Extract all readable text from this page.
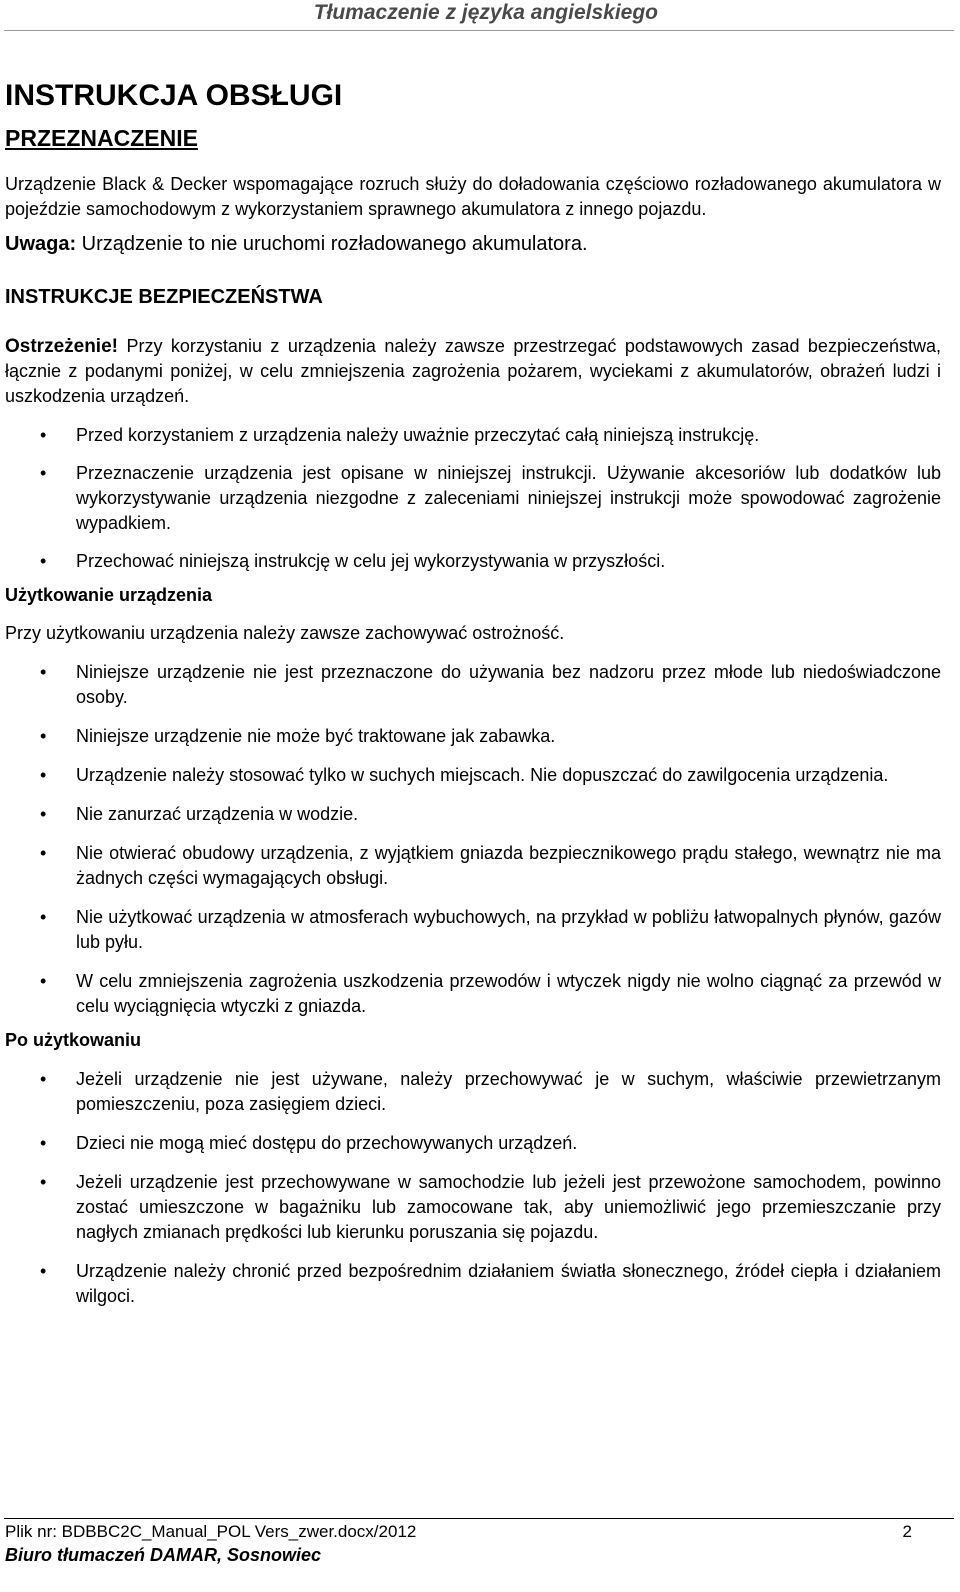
Tłumaczenie z języka angielskiego
INSTRUKCJA OBSŁUGI
PRZEZNACZENIE

Urządzenie Black & Decker wspomagające rozruch służy do doładowania częściowo rozładowanego akumulatora w pojeździe samochodowym z wykorzystaniem sprawnego akumulatora z innego pojazdu.

Uwaga: Urządzenie to nie uruchomi rozładowanego akumulatora.

INSTRUKCJE BEZPIECZEŃSTWA

Ostrzeżenie! Przy korzystaniu z urządzenia należy zawsze przestrzegać podstawowych zasad bezpieczeństwa, łącznie z podanymi poniżej, w celu zmniejszenia zagrożenia pożarem, wyciekami z akumulatorów, obrażeń ludzi i uszkodzenia urządzeń.

• Przed korzystaniem z urządzenia należy uważnie przeczytać całą niniejszą instrukcję.
• Przeznaczenie urządzenia jest opisane w niniejszej instrukcji. Używanie akcesoriów lub dodatków lub wykorzystywanie urządzenia niezgodne z zaleceniami niniejszej instrukcji może spowodować zagrożenie wypadkiem.
• Przechować niniejszą instrukcję w celu jej wykorzystywania w przyszłości.
Użytkowanie urządzenia

Przy użytkowaniu urządzenia należy zawsze zachowywać ostrożność.

• Niniejsze urządzenie nie jest przeznaczone do używania bez nadzoru przez młode lub niedoświadczone osoby.
• Niniejsze urządzenie nie może być traktowane jak zabawka.
• Urządzenie należy stosować tylko w suchych miejscach. Nie dopuszczać do zawilgocenia urządzenia.
• Nie zanurzać urządzenia w wodzie.
• Nie otwierać obudowy urządzenia, z wyjątkiem gniazda bezpiecznikowego prądu stałego, wewnątrz nie ma żadnych części wymagających obsługi.
• Nie użytkować urządzenia w atmosferach wybuchowych, na przykład w pobliżu łatwopalnych płynów, gazów lub pyłu.
• W celu zmniejszenia zagrożenia uszkodzenia przewodów i wtyczek nigdy nie wolno ciągnąć za przewód w celu wyciągnięcia wtyczki z gniazda.
Po użytkowaniu
• Jeżeli urządzenie nie jest używane, należy przechowywać je w suchym, właściwie przewietrzanym pomieszczeniu, poza zasięgiem dzieci.
• Dzieci nie mogą mieć dostępu do przechowywanych urządzeń.
• Jeżeli urządzenie jest przechowywane w samochodzie lub jeżeli jest przewożone samochodem, powinno zostać umieszczone w bagażniku lub zamocowane tak, aby uniemożliwić jego przemieszczanie przy nagłych zmianach prędkości lub kierunku poruszania się pojazdu.
• Urządzenie należy chronić przed bezpośrednim działaniem światła słonecznego, źródeł ciepła i działaniem wilgoci.
Plik nr: BDBBC2C_Manual_POL Vers_zwer.docx/2012	2
Biuro tłumaczeń DAMAR, Sosnowiec
